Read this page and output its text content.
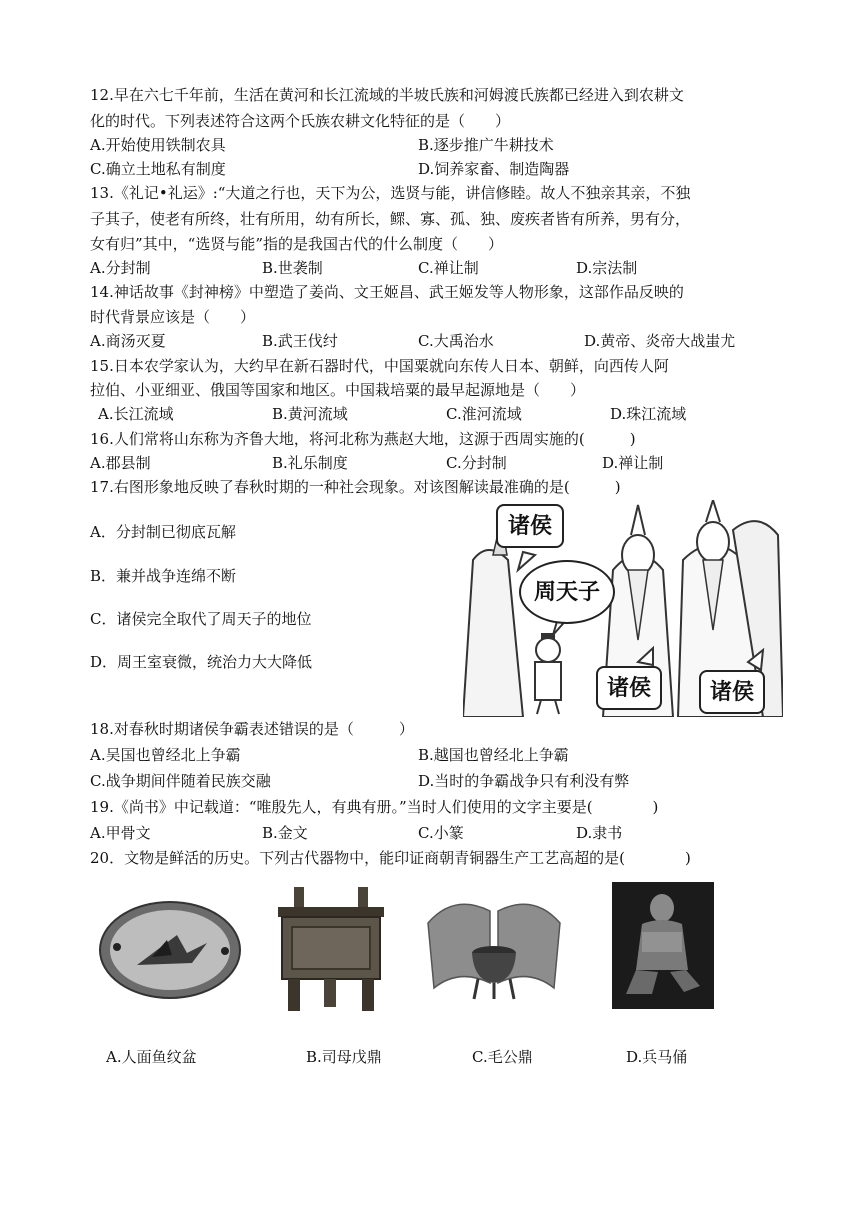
12.早在六七千年前，生活在黄河和长江流域的半坡氏族和河姆渡氏族都已经进入到农耕文
化的时代。下列表述符合这两个氏族农耕文化特征的是（　　）
A.开始使用铁制农具	B.逐步推广牛耕技术
C.确立土地私有制度	D.饲养家畜、制造陶器
13.《礼记•礼运》:“大道之行也，天下为公，选贤与能，讲信修睦。故人不独亲其亲，不独
子其子，使老有所终，壮有所用，幼有所长，鳏、寡、孤、独、废疾者皆有所养，男有分，
女有归”其中，“选贤与能”指的是我国古代的什么制度（　　）
A.分封制	B.世袭制	C.禅让制	D.宗法制
14.神话故事《封神榜》中塑造了姜尚、文王姬昌、武王姬发等人物形象，这部作品反映的
时代背景应该是（　　）
A.商汤灭夏	B.武王伐纣	C.大禹治水	D.黄帝、炎帝大战蚩尤
15.日本农学家认为，大约早在新石器时代，中国粟就向东传人日本、朝鲜，向西传人阿
拉伯、小亚细亚、俄国等国家和地区。中国栽培粟的最早起源地是（　　）
A.长江流域	B.黄河流域	C.淮河流域	D.珠江流域
16.人们常将山东称为齐鲁大地，将河北称为燕赵大地，这源于西周实施的(　　　)
A.郡县制	B.礼乐制度	C.分封制	D.禅让制
17.右图形象地反映了春秋时期的一种社会现象。对该图解读最准确的是(　　　)
A．分封制已彻底瓦解
B．兼并战争连绵不断
C．诸侯完全取代了周天子的地位
D．周王室衰微，统治力大大降低
诸侯
周天子
诸侯	诸侯
18.对春秋时期诸侯争霸表述错误的是（　　　）
A.吴国也曾经北上争霸	B.越国也曾经北上争霸
C.战争期间伴随着民族交融	D.当时的争霸战争只有利没有弊
19.《尚书》中记载道：“唯殷先人，有典有册。”当时人们使用的文字主要是(　　　　)
A.甲骨文	B.金文	C.小篆	D.隶书
20．文物是鲜活的历史。下列古代器物中，能印证商朝青铜器生产工艺高超的是(　　　　)
A.人面鱼纹盆	B.司母戊鼎	C.毛公鼎	D.兵马俑
